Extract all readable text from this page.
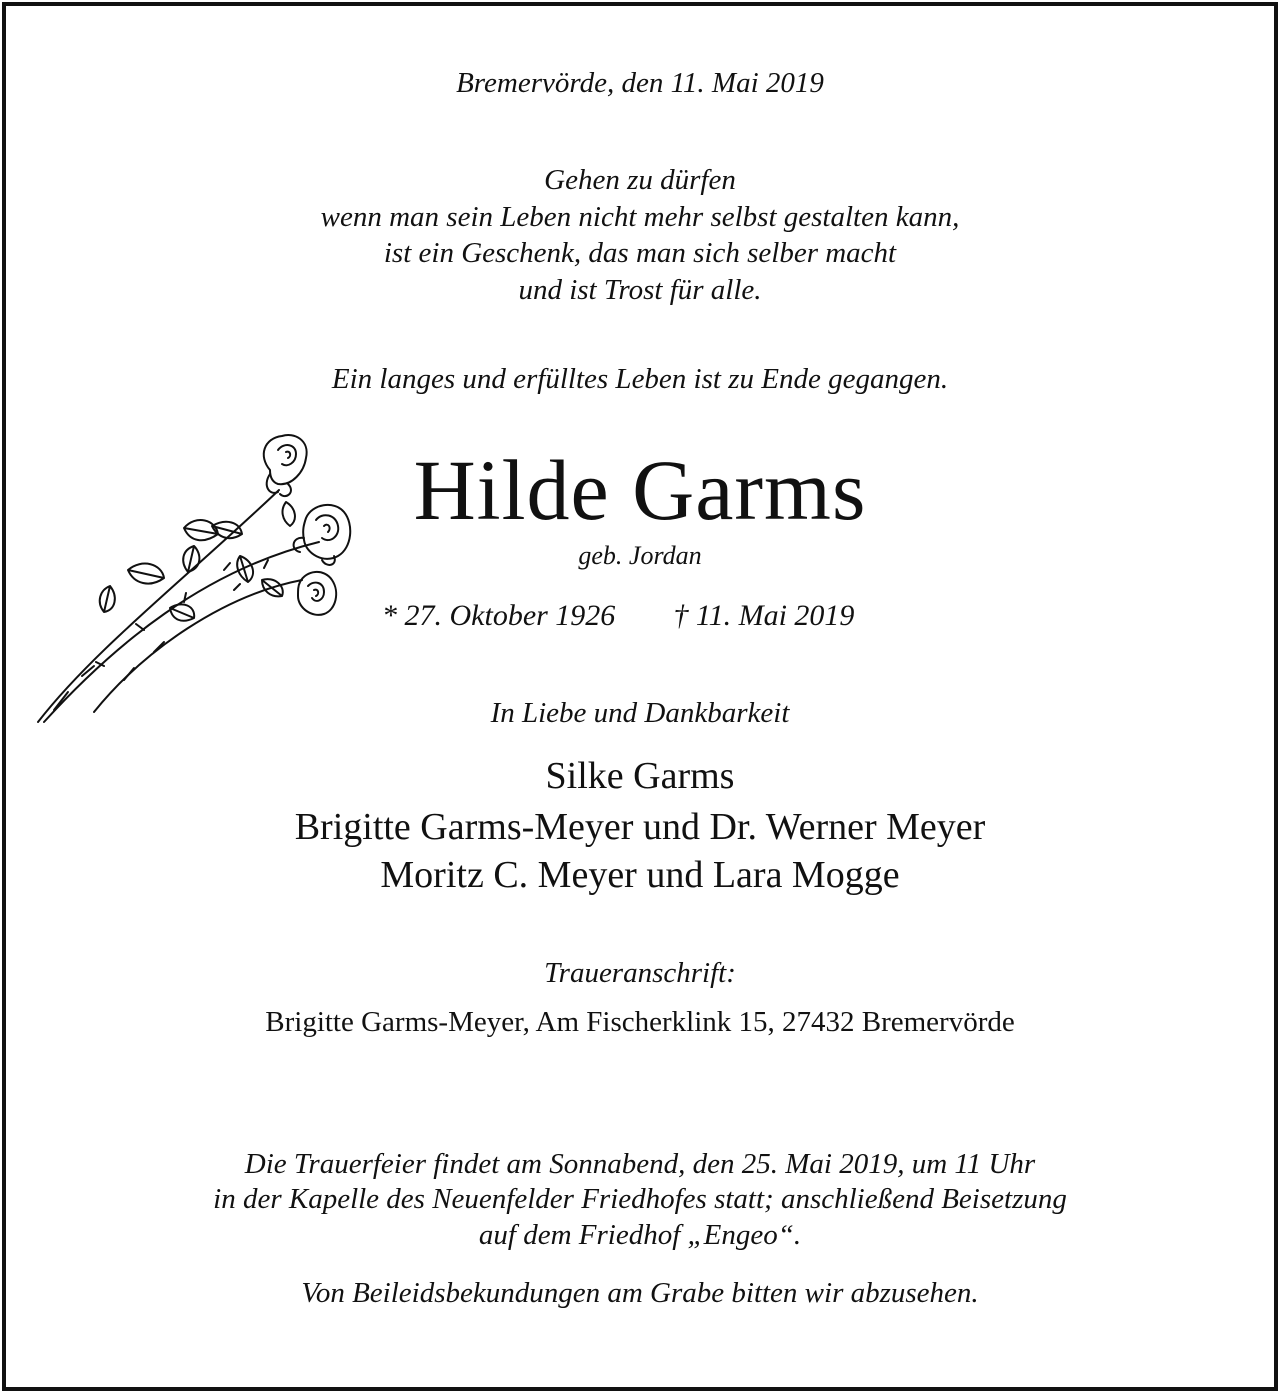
Bremervörde, den 11. Mai 2019

Gehen zu dürfen

wenn man sein Leben nicht mehr selbst gestalten kann,

ist ein Geschenk, das man sich selber macht

und ist Trost für alle.

Ein langes und erfülltes Leben ist zu Ende gegangen.

Hilde Garms

geb. Jordan

* 27. Oktober 1926 † 11. Mai 2019

In Liebe und Dankbarkeit

Silke Garms

Brigitte Garms-Meyer und Dr. Werner Meyer

Moritz C. Meyer und Lara Mogge

Traueranschrift:

Brigitte Garms-Meyer, Am Fischerklink 15, 27432 Bremervörde

Die Trauerfeier findet am Sonnabend, den 25. Mai 2019, um 11 Uhr

in der Kapelle des Neuenfelder Friedhofes statt; anschließend Beisetzung

auf dem Friedhof „Engeo“.

Von Beileidsbekundungen am Grabe bitten wir abzusehen.
